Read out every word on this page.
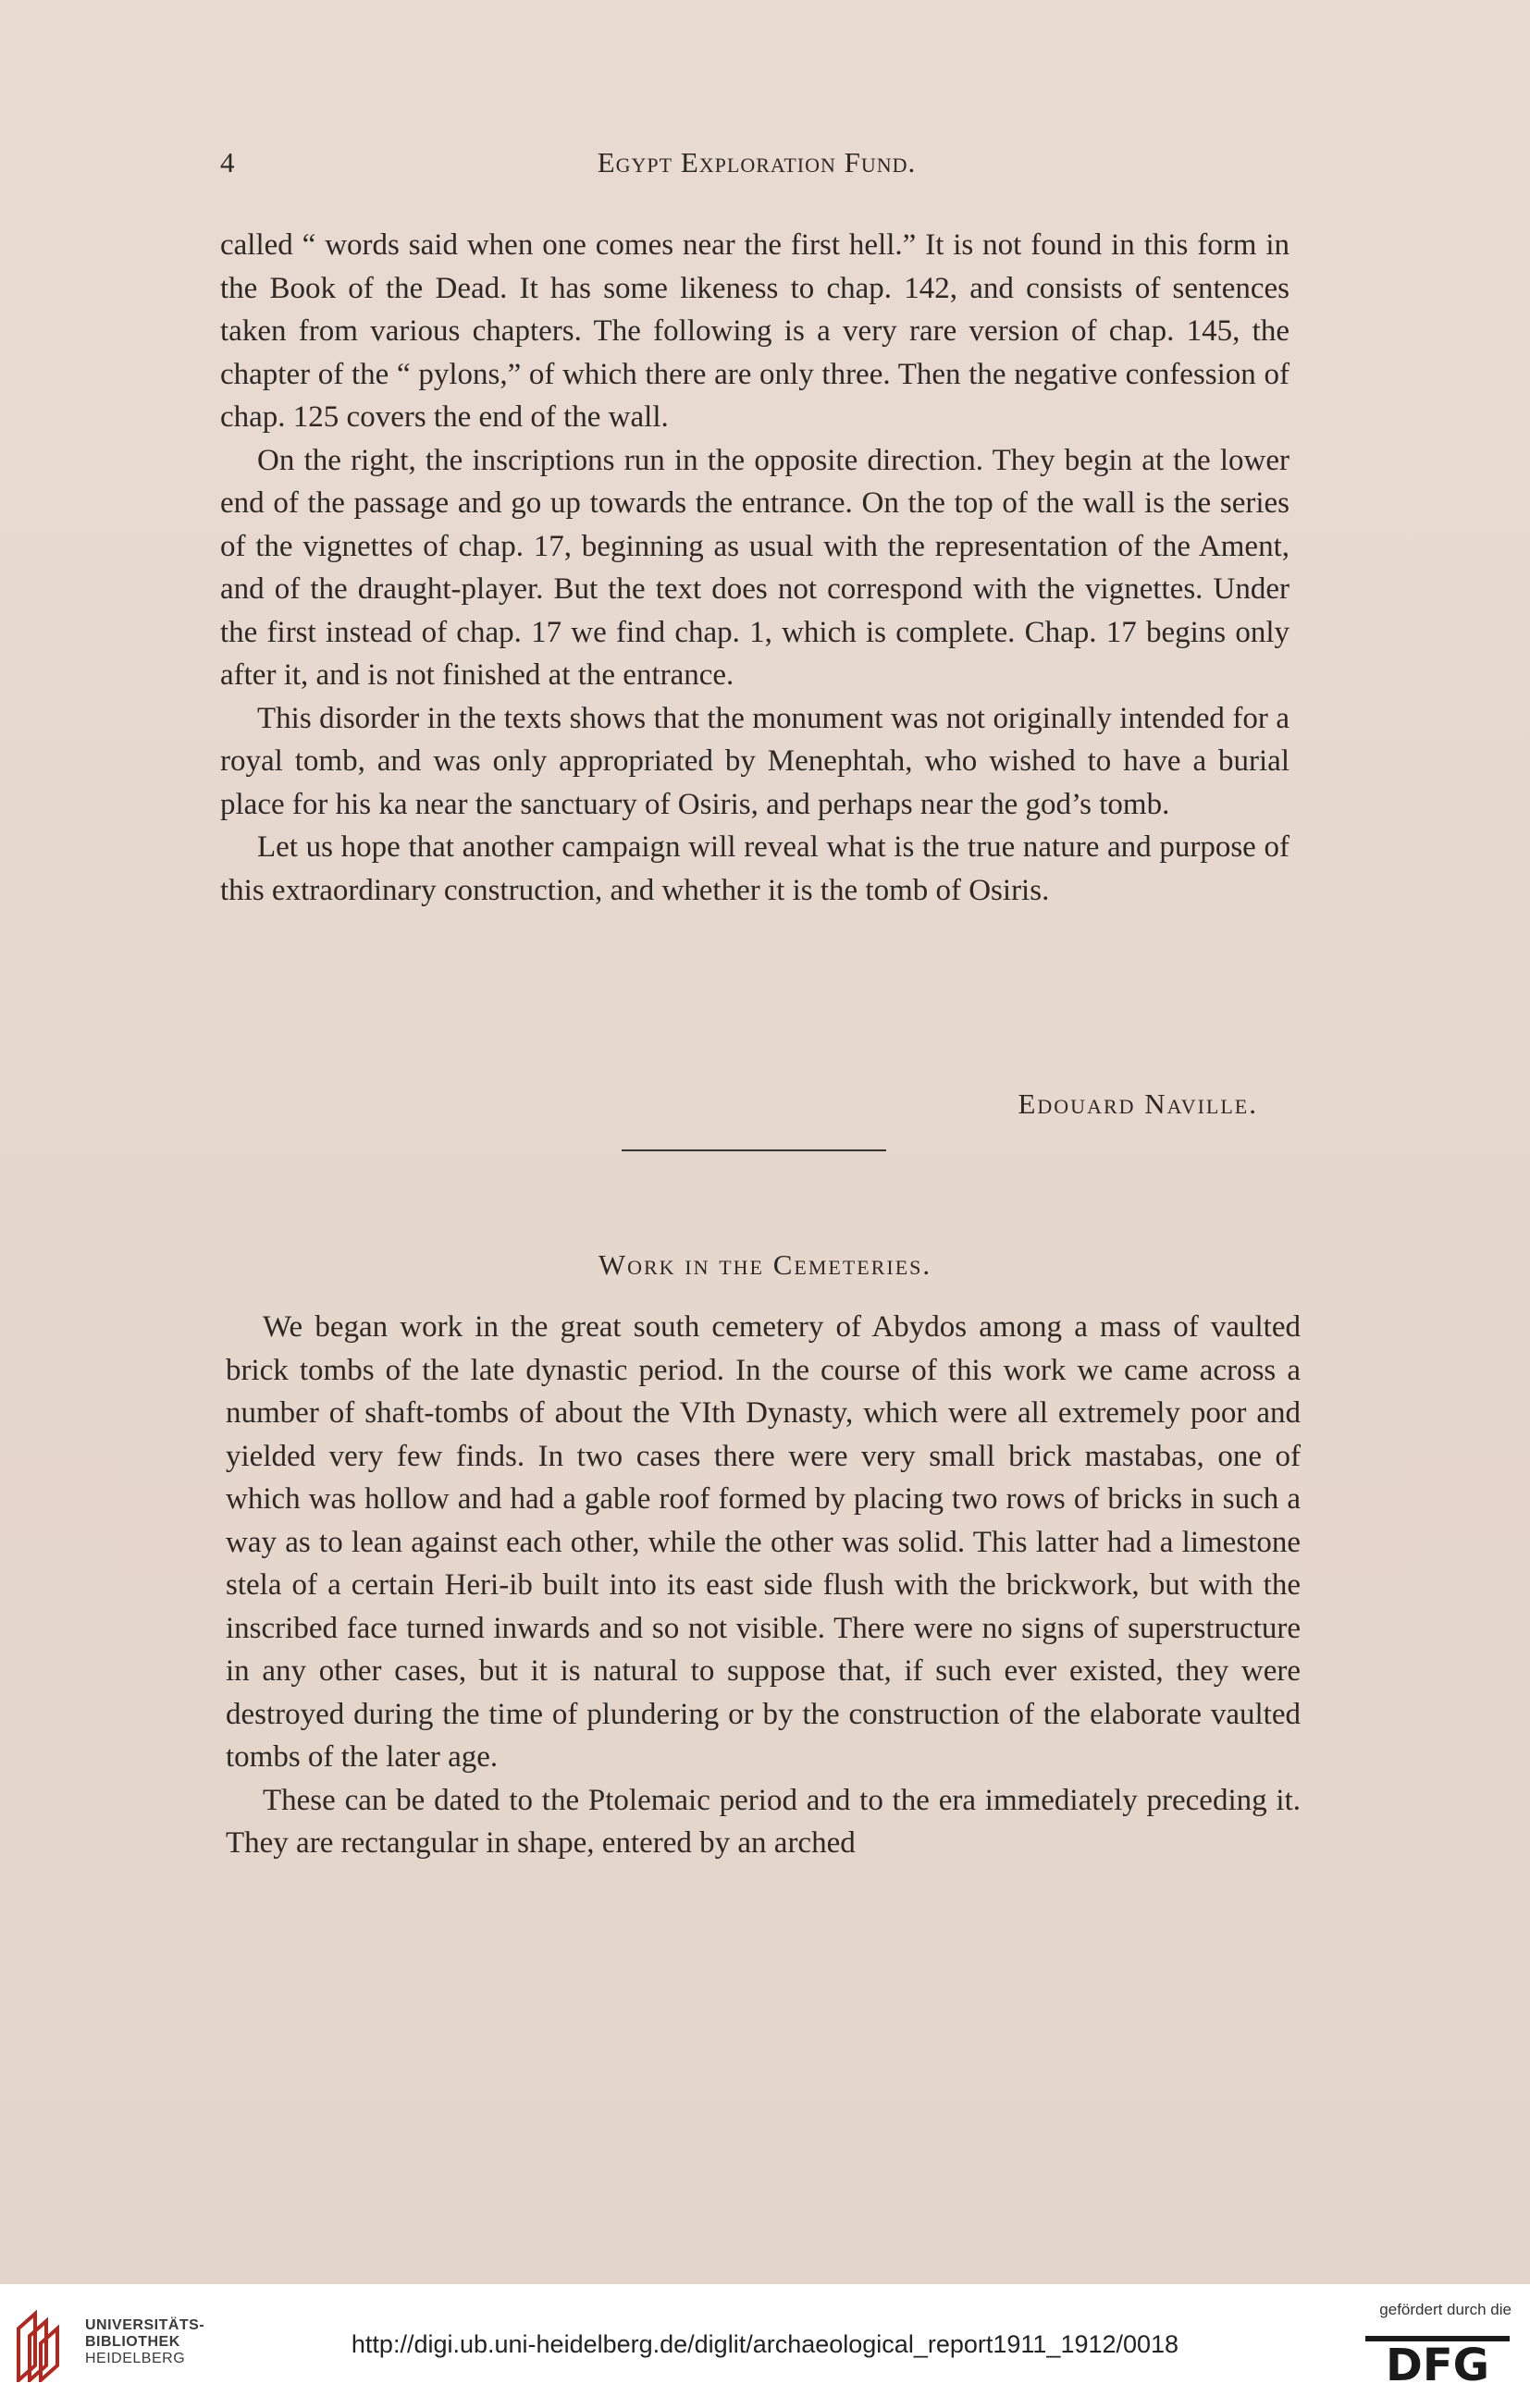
4	Egypt Exploration Fund.

called “ words said when one comes near the first hell.” It is not found in this form in the Book of the Dead. It has some likeness to chap. 142, and consists of sentences taken from various chapters. The following is a very rare version of chap. 145, the chapter of the “ pylons,” of which there are only three. Then the negative confession of chap. 125 covers the end of the wall.

On the right, the inscriptions run in the opposite direction. They begin at the lower end of the passage and go up towards the entrance. On the top of the wall is the series of the vignettes of chap. 17, beginning as usual with the representation of the Ament, and of the draught-player. But the text does not correspond with the vignettes. Under the first instead of chap. 17 we find chap. 1, which is complete. Chap. 17 begins only after it, and is not finished at the entrance.

This disorder in the texts shows that the monument was not originally intended for a royal tomb, and was only appropriated by Menephtah, who wished to have a burial place for his ka near the sanctuary of Osiris, and perhaps near the god’s tomb.

Let us hope that another campaign will reveal what is the true nature and purpose of this extraordinary construction, and whether it is the tomb of Osiris.

Edouard Naville.
Work in the Cemeteries.

We began work in the great south cemetery of Abydos among a mass of vaulted brick tombs of the late dynastic period. In the course of this work we came across a number of shaft-tombs of about the VIth Dynasty, which were all extremely poor and yielded very few finds. In two cases there were very small brick mastabas, one of which was hollow and had a gable roof formed by placing two rows of bricks in such a way as to lean against each other, while the other was solid. This latter had a limestone stela of a certain Heri-ib built into its east side flush with the brickwork, but with the inscribed face turned inwards and so not visible. There were no signs of superstructure in any other cases, but it is natural to suppose that, if such ever existed, they were destroyed during the time of plundering or by the construction of the elaborate vaulted tombs of the later age.

These can be dated to the Ptolemaic period and to the era immediately preceding it. They are rectangular in shape, entered by an arched

UNIVERSITÄTS-
BIBLIOTHEK
HEIDELBERG
http://digi.ub.uni-heidelberg.de/diglit/archaeological_report1911_1912/0018
gefördert durch die
DFG
